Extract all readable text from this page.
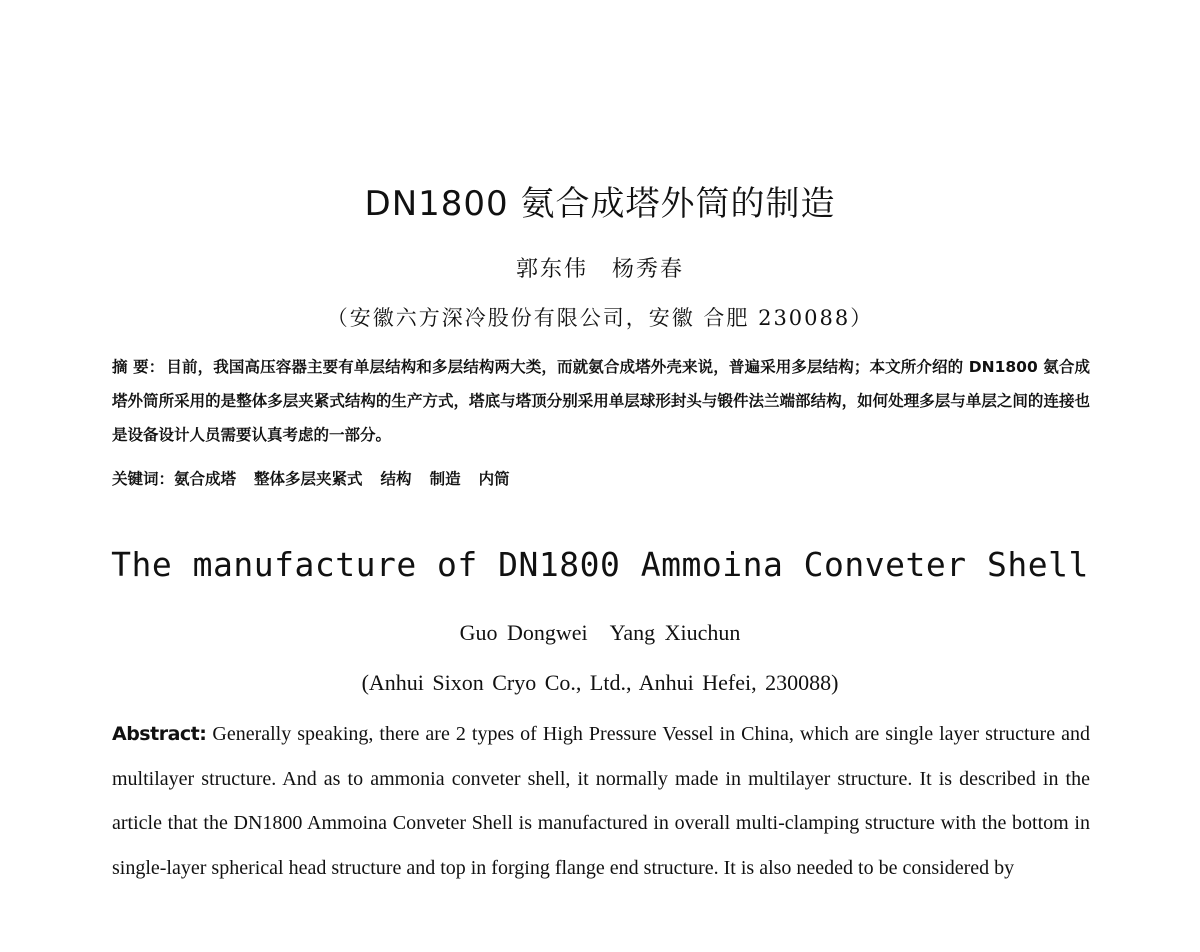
DN1800 氨合成塔外筒的制造
郭东伟　杨秀春
（安徽六方深冷股份有限公司，安徽 合肥 230088）
摘 要： 目前，我国高压容器主要有单层结构和多层结构两大类，而就氨合成塔外壳来说，普遍采用多层结构；本文所介绍的 DN1800 氨合成塔外筒所采用的是整体多层夹紧式结构的生产方式，塔底与塔顶分别采用单层球形封头与锻件法兰端部结构，如何处理多层与单层之间的连接也是设备设计人员需要认真考虑的一部分。
关键词：氨合成塔 整体多层夹紧式 结构 制造 内筒
The manufacture of DN1800 Ammoina Conveter Shell
Guo Dongwei Yang Xiuchun
(Anhui Sixon Cryo Co., Ltd., Anhui Hefei, 230088)
Abstract: Generally speaking, there are 2 types of High Pressure Vessel in China, which are single layer structure and multilayer structure. And as to ammonia conveter shell, it normally made in multilayer structure. It is described in the article that the DN1800 Ammoina Conveter Shell is manufactured in overall multi-clamping structure with the bottom in single-layer spherical head structure and top in forging flange end structure. It is also needed to be considered by
